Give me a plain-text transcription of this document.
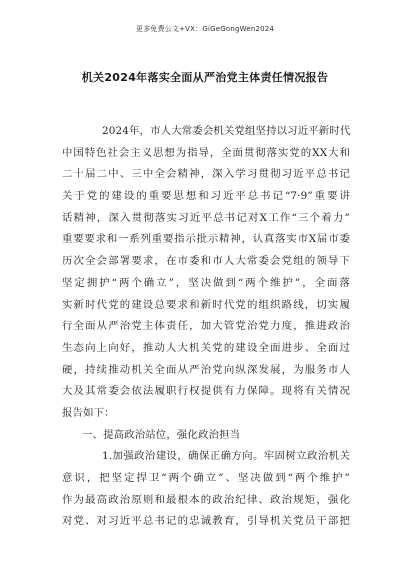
更多免费公文+VX：GiGeGongWen2024
机关2024年落实全面从严治党主体责任情况报告
2024年，市人大常委会机关党组坚持以习近平新时代
中国特色社会主义思想为指导，全面贯彻落实党的XX大和
二十届二中、三中全会精神，深入学习贯彻习近平总书记
关于党的建设的重要思想和习近平总书记“7·9”重要讲
话精神，深入贯彻落实习近平总书记对X工作“三个着力”
重要要求和一系列重要指示批示精神，认真落实市X届市委
历次全会部署要求，在市委和市人大常委会党组的领导下
坚定拥护“两个确立”，坚决做到“两个维护”，全面落
实新时代党的建设总要求和新时代党的组织路线，切实履
行全面从严治党主体责任，加大管党治党力度，推进政治
生态向上向好，推动人大机关党的建设全面进步、全面过
硬，持续推动机关全面从严治党向纵深发展，为服务市人
大及其常委会依法履职行权提供有力保障。现将有关情况
报告如下：
一、提高政治站位，强化政治担当
1.加强政治建设，确保正确方向。牢固树立政治机关
意识，把坚定捍卫“两个确立”、坚决做到“两个维护”
作为最高政治原则和最根本的政治纪律、政治规矩，强化
对党、对习近平总书记的忠诚教育，引导机关党员干部把
